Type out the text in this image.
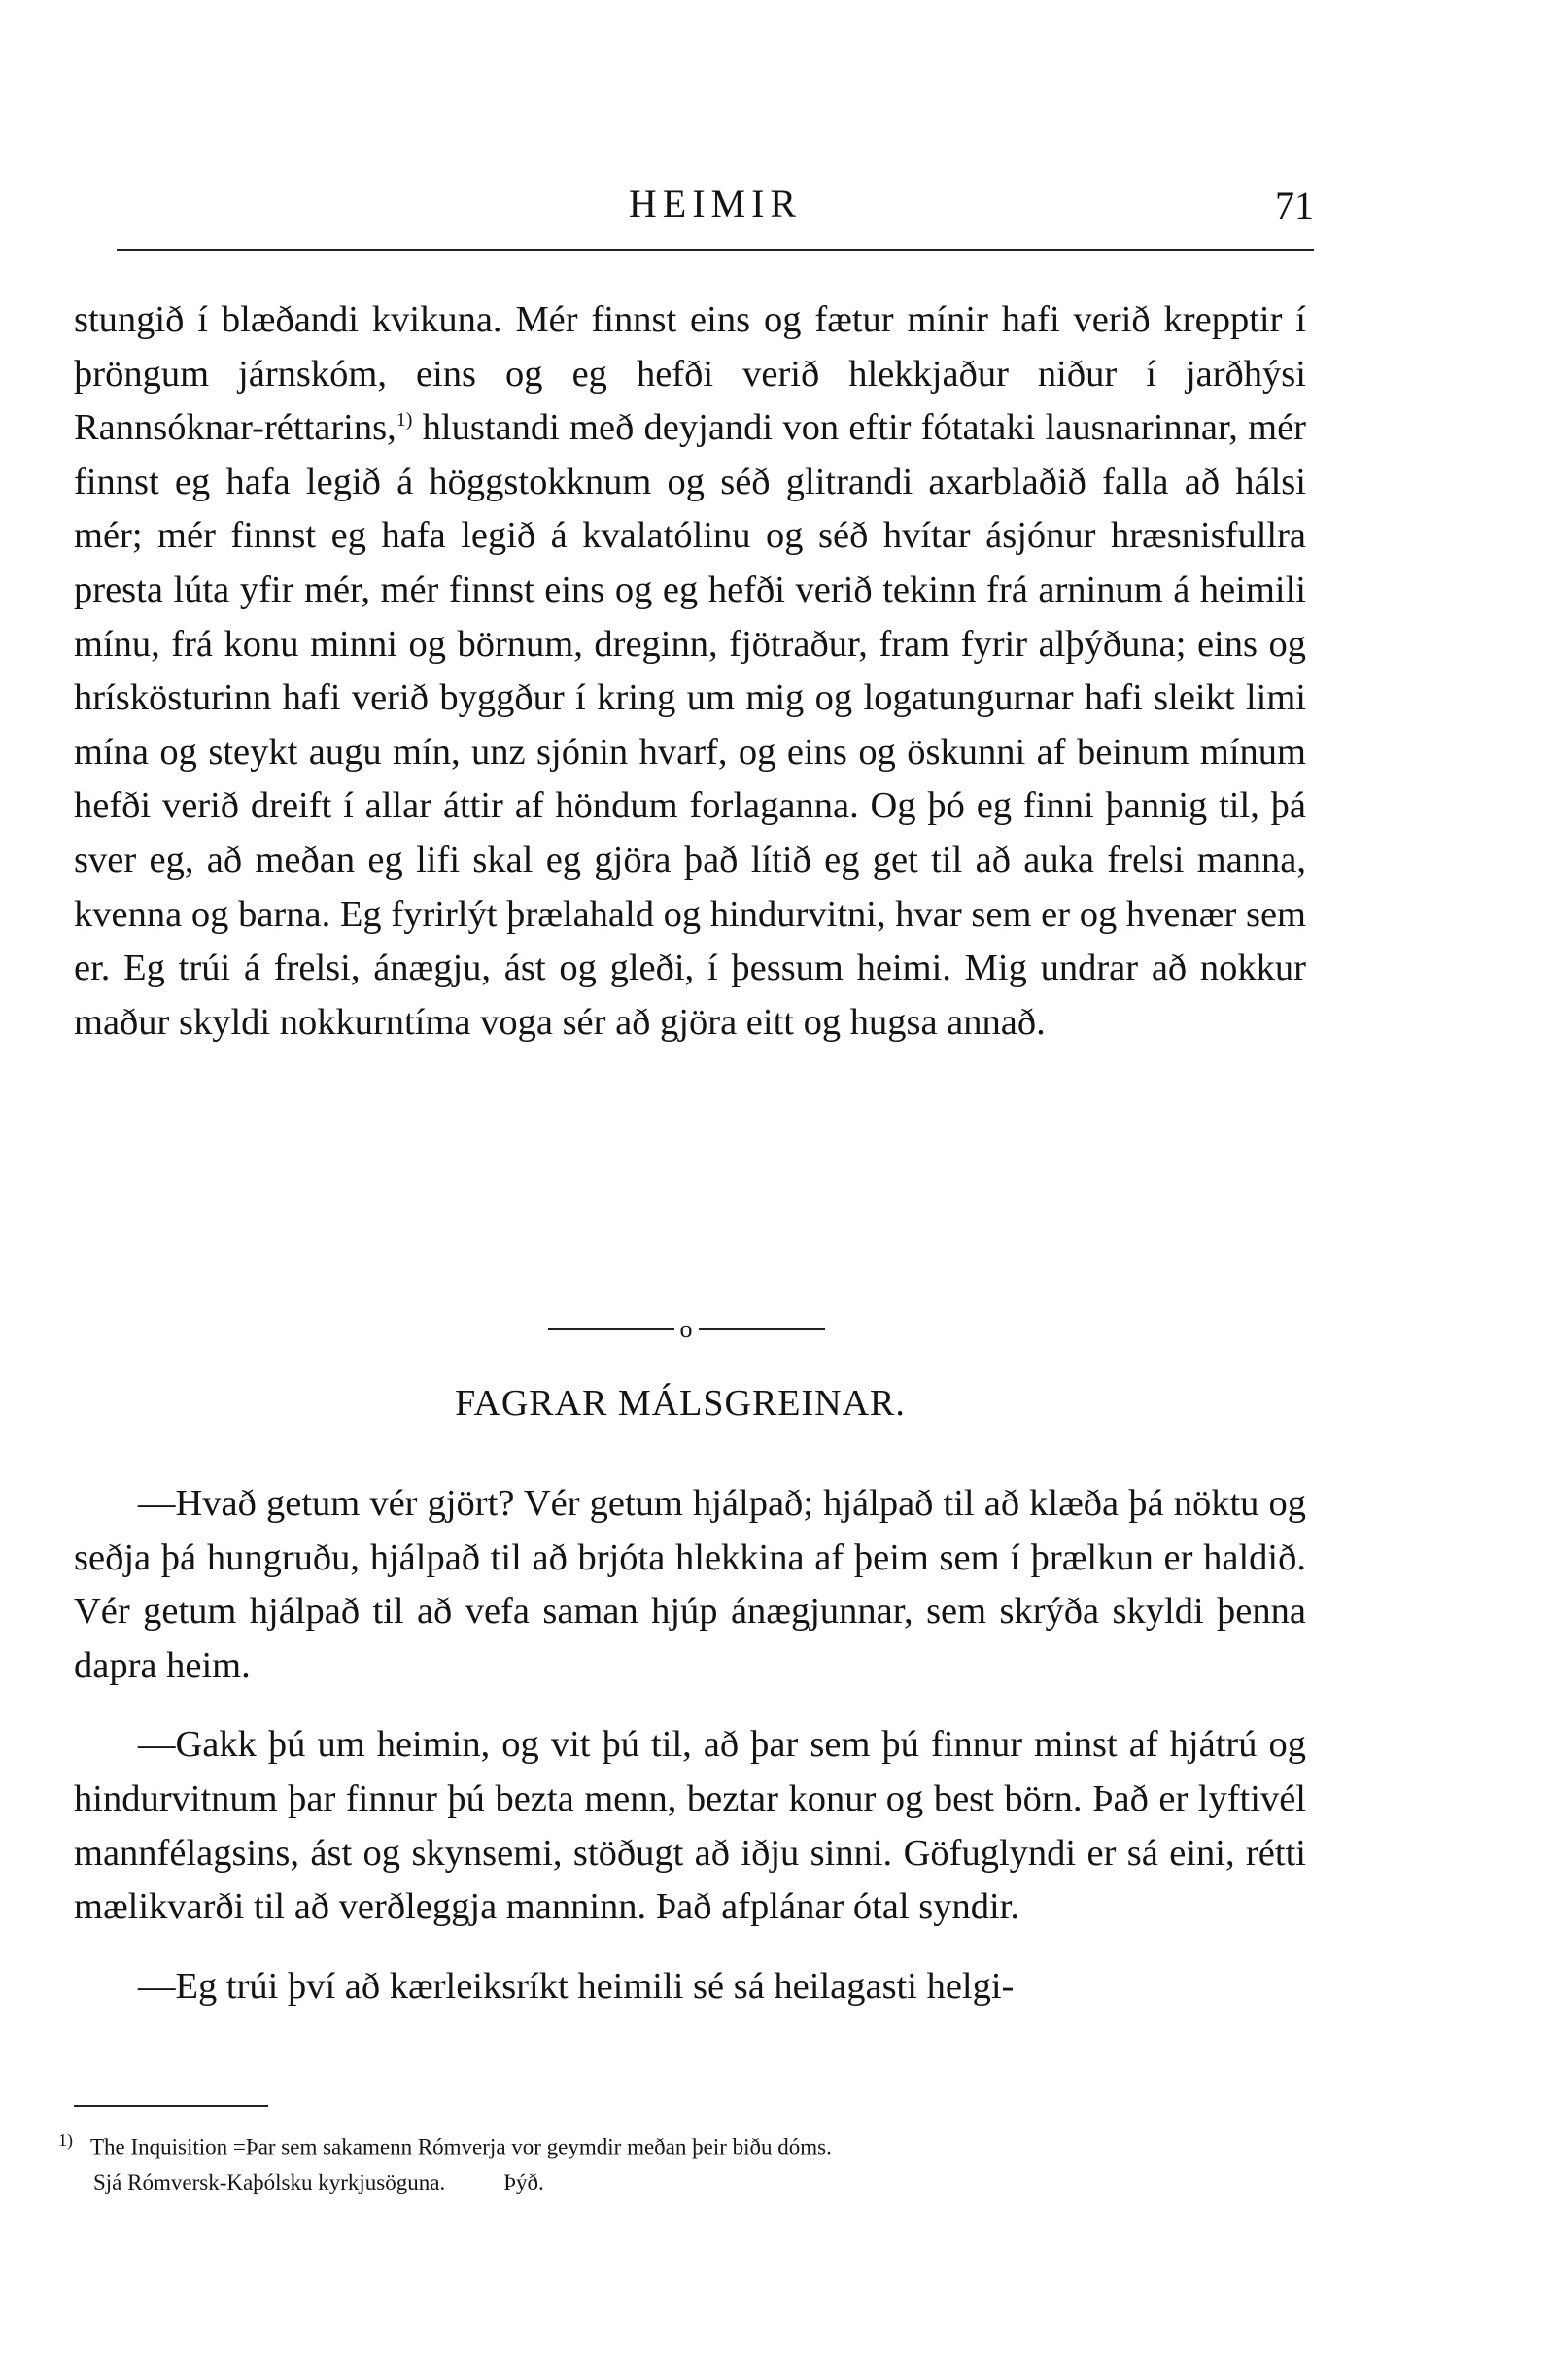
HEIMIR	71

stungið í blæðandi kvikuna. Mér finnst eins og fætur mínir hafi verið krepptir í þröngum járnskóm, eins og eg hefði verið hlekkjaður niður í jarðhýsi Rannsóknar-réttarins,$^{1)}$ hlustandi með deyjandi von eftir fótataki lausnarinnar, mér finnst eg hafa legið á höggstokknum og séð glitrandi axarblaðið falla að hálsi mér; mér finnst eg hafa legið á kvalatólinu og séð hvítar ásjónur hræsnisfullra presta lúta yfir mér, mér finnst eins og eg hefði verið tekinn frá arninum á heimili mínu, frá konu minni og börnum, dreginn, fjötraður, fram fyrir alþýðuna; eins og hrískösturinn hafi verið byggður í kring um mig og logatungurnar hafi sleikt limi mína og steykt augu mín, unz sjónin hvarf, og eins og öskunni af beinum mínum hefði verið dreift í allar áttir af höndum forlaganna. Og þó eg finni þannig til, þá sver eg, að meðan eg lifi skal eg gjöra það lítið eg get til að auka frelsi manna, kvenna og barna. Eg fyrirlýt þrælahald og hindurvitni, hvar sem er og hvenær sem er. Eg trúi á frelsi, ánægju, ást og gleði, í þessum heimi. Mig undrar að nokkur maður skyldi nokkurntíma voga sér að gjöra eitt og hugsa annað.

o
FAGRAR MÁLSGREINAR.

—Hvað getum vér gjört? Vér getum hjálpað; hjálpað til að klæða þá nöktu og seðja þá hungruðu, hjálpað til að brjóta hlekkina af þeim sem í þrælkun er haldið. Vér getum hjálpað til að vefa saman hjúp ánægjunnar, sem skrýða skyldi þenna dapra heim.

—Gakk þú um heimin, og vit þú til, að þar sem þú finnur minst af hjátrú og hindurvitnum þar finnur þú bezta menn, beztar konur og best börn. Það er lyftivél mannfélagsins, ást og skynsemi, stöðugt að iðju sinni. Göfuglyndi er sá eini, rétti mælikvarði til að verðleggja manninn. Það afplánar ótal syndir.

—Eg trúi því að kærleiksríkt heimili sé sá heilagasti helgi-

$^{1)}$ The Inquisition =Þar sem sakamenn Rómverja vor geymdir meðan þeir biðu dóms.
Sjá Rómversk-Kaþólsku kyrkjusöguna.	Þýð.
